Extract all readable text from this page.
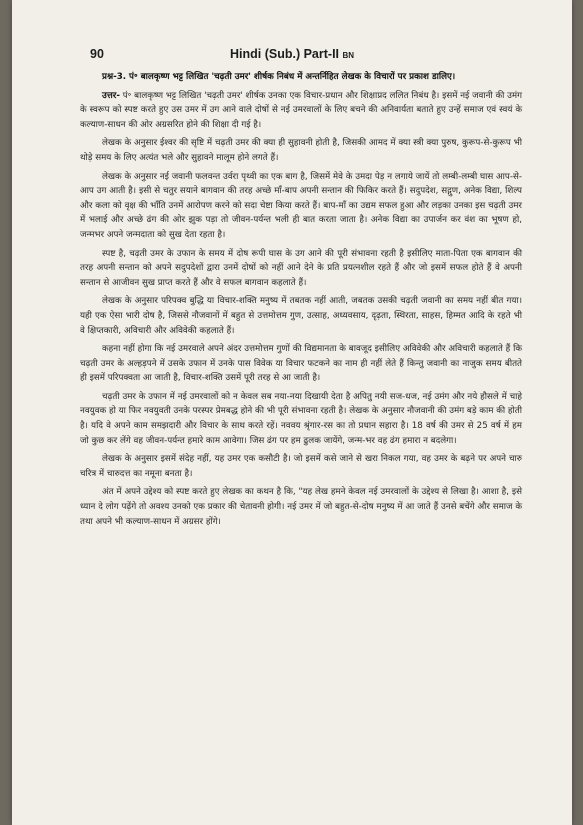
90	Hindi (Sub.) Part-II BN

प्रश्न-3. पं॰ बालकृष्ण भट्ट लिखित 'चढ़ती उमर' शीर्षक निबंध में अन्तर्निहित लेखक के विचारों पर प्रकाश डालिए।

उत्तर- पं॰ बालकृष्ण भट्ट लिखित 'चढ़ती उमर' शीर्षक उनका एक विचार-प्रधान और शिक्षाप्रद ललित निबंध है। इसमें नई जवानी की उमंग के स्वरूप को स्पष्ट करते हुए उस उमर में उग आने वाले दोषों से नई उमरवालों के लिए बचने की अनिवार्यता बताते हुए उन्हें समाज एवं स्वयं के कल्याण-साधन की ओर अग्रसरित होने की शिक्षा दी गई है।

लेखक के अनुसार ईश्वर की सृष्टि में चढ़ती उमर की क्या ही सुहावनी होती है, जिसकी आमद में क्या स्त्री क्या पुरुष, कुरूप-से-कुरूप भी थोड़े समय के लिए अत्यंत भले और सुहावने मालूम होने लगते हैं।

लेखक के अनुसार नई जवानी फलवन्त उर्वरा पृथ्वी का एक बाग है, जिसमें मेवे के उमदा पेड़ न लगाये जायें तो लम्बी-लम्बी घास आप-से-आप उग आती है। इसी से चतुर सयाने बागवान की तरह अच्छे माँ-बाप अपनी सन्तान की फिकिर करते हैं। सदुपदेश, सद्गुण, अनेक विद्या, शिल्प और कला को वृक्ष की भाँति उनमें आरोपण करने को सदा चेष्टा किया करते हैं। बाप-माँ का उद्यम सफल हुआ और लड़का उनका इस चढ़ती उमर में भलाई और अच्छे ढंग की ओर झुक पड़ा तो जीवन-पर्यन्त भली ही बात करता जाता है। अनेक विद्या का उपार्जन कर वंश का भूषण हो, जन्मभर अपने जन्मदाता को सुख देता रहता है।

स्पष्ट है, चढ़ती उमर के उफान के समय में दोष रूपी घास के उग आने की पूरी संभावना रहती है इसीलिए माता-पिता एक बागवान की तरह अपनी सन्तान को अपने सदुपदेशों द्वारा उनमें दोषों को नहीं आने देने के प्रति प्रयत्नशील रहते हैं और जो इसमें सफल होते हैं वे अपनी सन्तान से आजीवन सुख प्राप्त करते हैं और वे सफल बागवान कहलाते हैं।

लेखक के अनुसार परिपक्व बुद्धि या विचार-शक्ति मनुष्य में तबतक नहीं आती, जबतक उसकी चढ़ती जवानी का समय नहीं बीत गया। यही एक ऐसा भारी दोष है, जिससे नौजवानों में बहुत से उत्तमोत्तम गुण, उत्साह, अध्यवसाय, दृढ़ता, स्थिरता, साहस, हिम्मत आदि के रहते भी वे क्षिप्तकारी, अविचारी और अविवेकी कहलाते हैं।

कहना नहीं होगा कि नई उमरवाले अपने अंदर उत्तमोत्तम गुणों की विद्यमानता के बावजूद इसीलिए अविवेकी और अविचारी कहलाते हैं कि चढ़ती उमर के अल्हड़पने में उसके उफान में उनके पास विवेक या विचार फटकने का नाम ही नहीं लेते हैं किन्तु जवानी का नाजुक समय बीतते ही इसमें परिपक्वता आ जाती है, विचार-शक्ति उसमें पूरी तरह से आ जाती है।

चढ़ती उमर के उफान में नई उमरवालों को न केवल सब नया-नया दिखायी देता है अपितु नयी सज-धज, नई उमंग और नये हौसले में चाहे नवयुवक हो या फिर नवयुवती उनके परस्पर प्रेमबद्ध होने की भी पूरी संभावना रहती है। लेखक के अनुसार नौजवानी की उमंग बड़े काम की होती है। यदि वे अपने काम समझदारी और विचार के साथ करते रहें। नववय श्रृंगार-रस का तो प्रधान सहारा है। 18 वर्ष की उमर से 25 वर्ष में हम जो कुछ कर लेंगे वह जीवन-पर्यन्त हमारे काम आवेगा। जिस ढंग पर हम ढुलक जायेंगे, जन्म-भर वह ढंग हमारा न बदलेगा।

लेखक के अनुसार इसमें संदेह नहीं, यह उमर एक कसौटी है। जो इसमें कसे जाने से खरा निकल गया, वह उमर के बढ़ने पर अपने चारु चरित्र में चारुदत्त का नमूना बनता है।

अंत में अपने उद्देश्य को स्पष्ट करते हुए लेखक का कथन है कि, "यह लेख हमने केवल नई उमरवालों के उद्देश्य से लिखा है। आशा है, इसे ध्यान दे लोग पढ़ेंगे तो अवश्य उनको एक प्रकार की चेतावनी होगी। नई उमर में जो बहुत-से-दोष मनुष्य में आ जाते हैं उनसे बचेंगे और समाज के तथा अपने भी कल्याण-साधन में अग्रसर होंगे।
